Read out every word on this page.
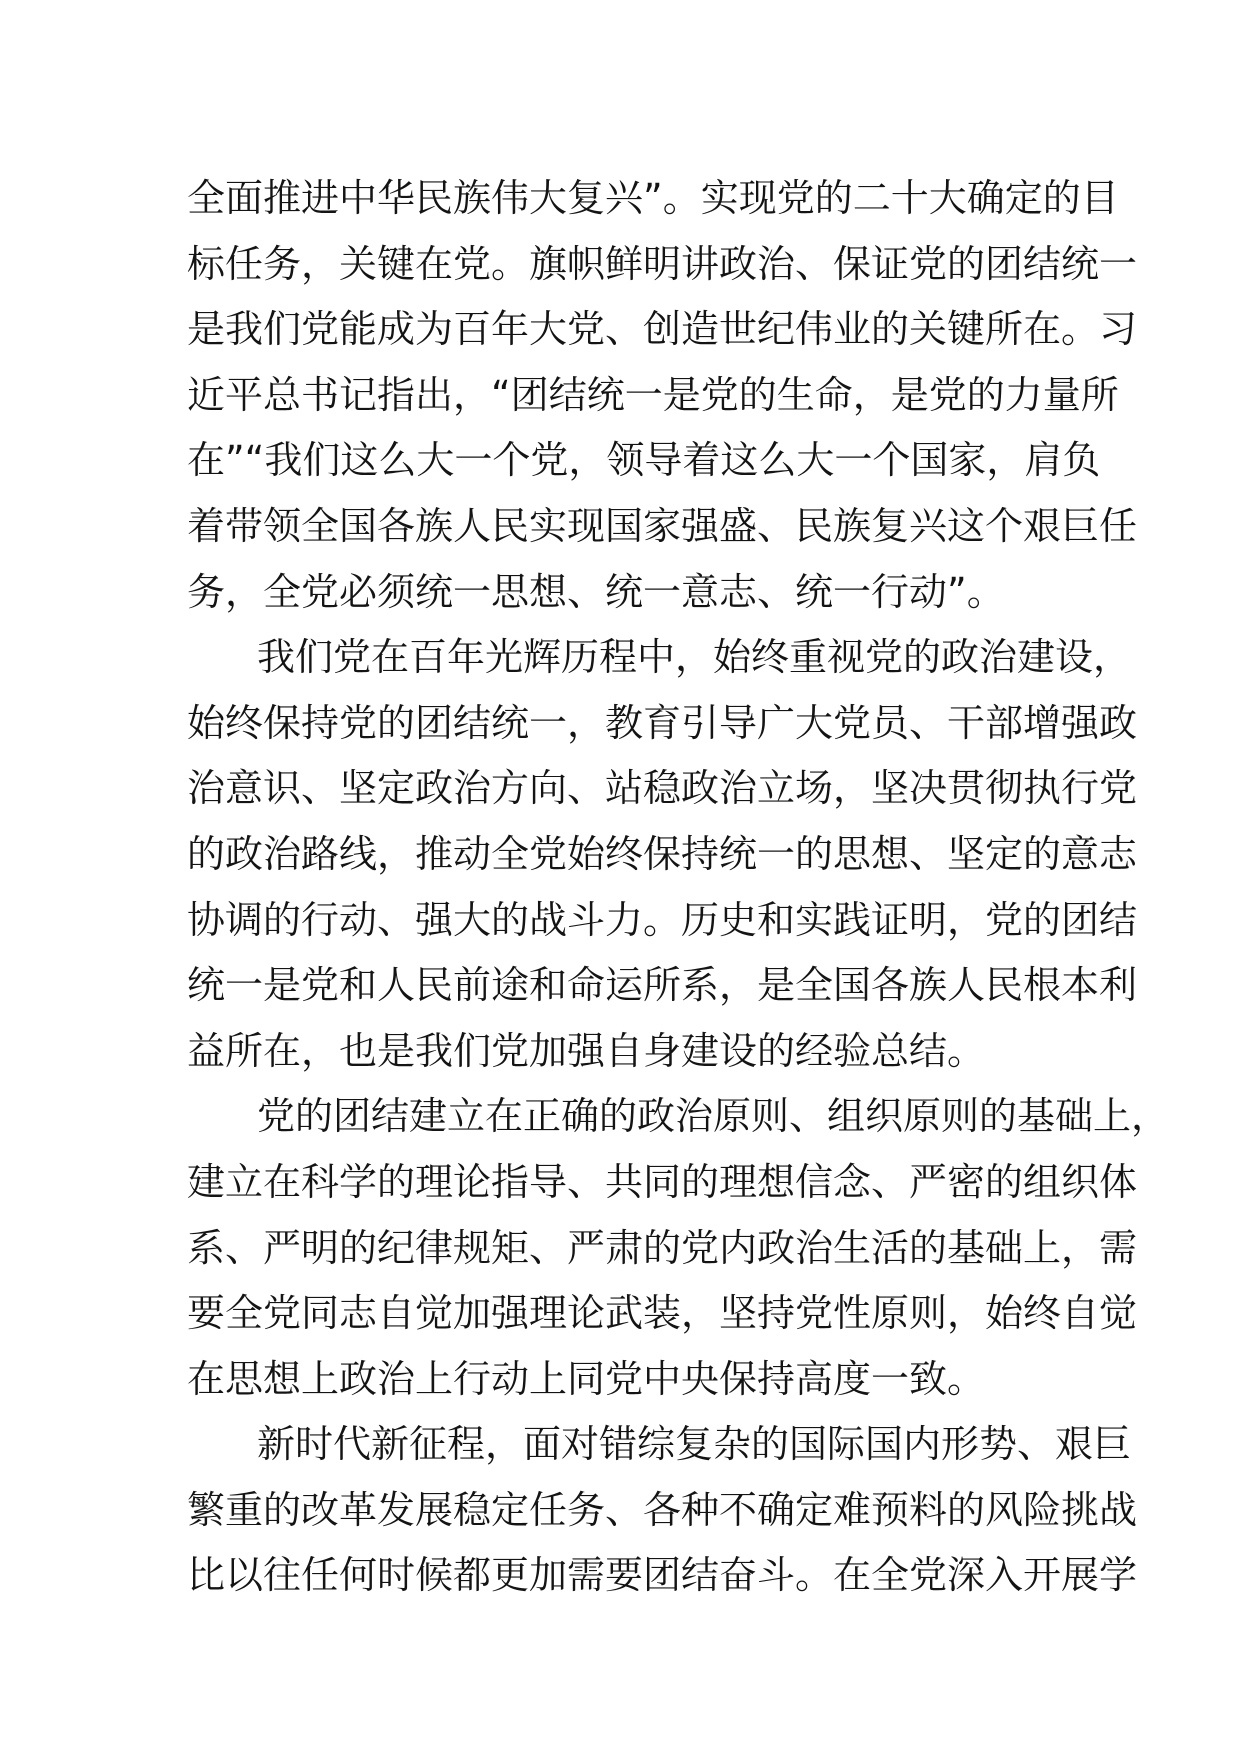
全面推进中华民族伟大复兴”。实现党的二十大确定的目
标任务，关键在党。旗帜鲜明讲政治、保证党的团结统一
是我们党能成为百年大党、创造世纪伟业的关键所在。习
近平总书记指出，“团结统一是党的生命，是党的力量所
在”“我们这么大一个党，领导着这么大一个国家，肩负
着带领全国各族人民实现国家强盛、民族复兴这个艰巨任
务，全党必须统一思想、统一意志、统一行动”。
我们党在百年光辉历程中，始终重视党的政治建设，
始终保持党的团结统一，教育引导广大党员、干部增强政
治意识、坚定政治方向、站稳政治立场，坚决贯彻执行党
的政治路线，推动全党始终保持统一的思想、坚定的意志
协调的行动、强大的战斗力。历史和实践证明，党的团结
统一是党和人民前途和命运所系，是全国各族人民根本利
益所在，也是我们党加强自身建设的经验总结。
党的团结建立在正确的政治原则、组织原则的基础上，
建立在科学的理论指导、共同的理想信念、严密的组织体
系、严明的纪律规矩、严肃的党内政治生活的基础上，需
要全党同志自觉加强理论武装，坚持党性原则，始终自觉
在思想上政治上行动上同党中央保持高度一致。
新时代新征程，面对错综复杂的国际国内形势、艰巨
繁重的改革发展稳定任务、各种不确定难预料的风险挑战
比以往任何时候都更加需要团结奋斗。在全党深入开展学
